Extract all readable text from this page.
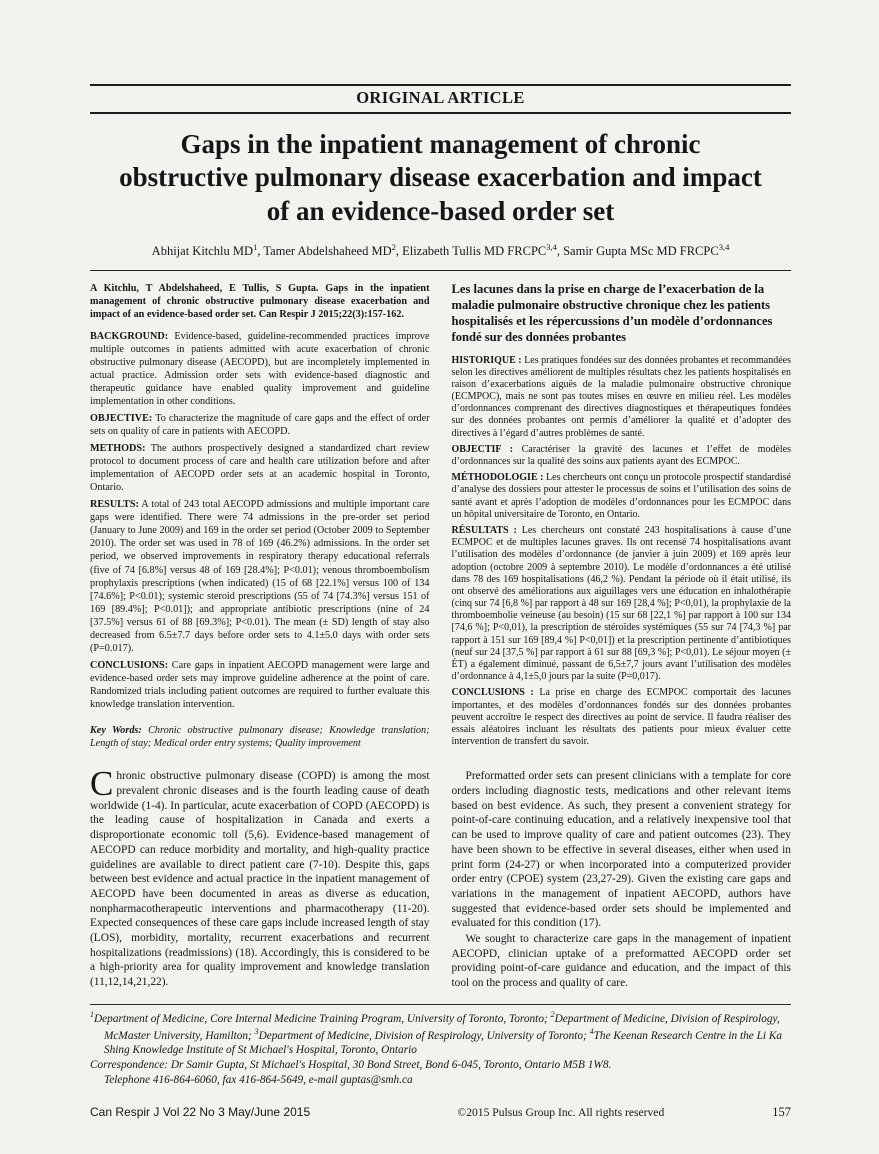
ORIGINAL ARTICLE
Gaps in the inpatient management of chronic obstructive pulmonary disease exacerbation and impact of an evidence-based order set
Abhijat Kitchlu $MD^1$, Tamer Abdelshaheed $MD^2$, Elizabeth Tullis MD FRCPC$^{3,4}$, Samir Gupta MSc MD FRCPC$^{3,4}$

A Kitchlu, T Abdelshaheed, E Tullis, S Gupta. Gaps in the inpatient management of chronic obstructive pulmonary disease exacerbation and impact of an evidence-based order set. Can Respir J 2015;22(3):157-162.

BACKGROUND: Evidence-based, guideline-recommended practices improve multiple outcomes in patients admitted with acute exacerbation of chronic obstructive pulmonary disease (AECOPD), but are incompletely implemented in actual practice. Admission order sets with evidence-based diagnostic and therapeutic guidance have enabled quality improvement and guideline implementation in other conditions.

OBJECTIVE: To characterize the magnitude of care gaps and the effect of order sets on quality of care in patients with AECOPD.

METHODS: The authors prospectively designed a standardized chart review protocol to document process of care and health care utilization before and after implementation of AECOPD order sets at an academic hospital in Toronto, Ontario.

RESULTS: A total of 243 total AECOPD admissions and multiple important care gaps were identified. There were 74 admissions in the pre-order set period (January to June 2009) and 169 in the order set period (October 2009 to September 2010). The order set was used in 78 of 169 (46.2%) admissions. In the order set period, we observed improvements in respiratory therapy educational referrals (five of 74 [6.8%] versus 48 of 169 [28.4%]; P<0.01); venous thromboembolism prophylaxis prescriptions (when indicated) (15 of 68 [22.1%] versus 100 of 134 [74.6%]; P<0.01); systemic steroid prescriptions (55 of 74 [74.3%] versus 151 of 169 [89.4%]; P<0.01]); and appropriate antibiotic prescriptions (nine of 24 [37.5%] versus 61 of 88 [69.3%]; P<0.01). The mean (± SD) length of stay also decreased from 6.5±7.7 days before order sets to 4.1±5.0 days with order sets (P=0.017).

CONCLUSIONS: Care gaps in inpatient AECOPD management were large and evidence-based order sets may improve guideline adherence at the point of care. Randomized trials including patient outcomes are required to further evaluate this knowledge translation intervention.

Key Words: Chronic obstructive pulmonary disease; Knowledge translation; Length of stay; Medical order entry systems; Quality improvement

Les lacunes dans la prise en charge de l’exacerbation de la maladie pulmonaire obstructive chronique chez les patients hospitalisés et les répercussions d’un modèle d’ordonnances fondé sur des données probantes

HISTORIQUE : Les pratiques fondées sur des données probantes et recommandées selon les directives améliorent de multiples résultats chez les patients hospitalisés en raison d’exacerbations aiguës de la maladie pulmonaire obstructive chronique (ECMPOC), mais ne sont pas toutes mises en œuvre en milieu réel. Les modèles d’ordonnances comprenant des directives diagnostiques et thérapeutiques fondées sur des données probantes ont permis d’améliorer la qualité et d’adopter des directives à l’égard d’autres problèmes de santé.

OBJECTIF : Caractériser la gravité des lacunes et l’effet de modèles d’ordonnances sur la qualité des soins aux patients ayant des ECMPOC.

MÉTHODOLOGIE : Les chercheurs ont conçu un protocole prospectif standardisé d’analyse des dossiers pour attester le processus de soins et l’utilisation des soins de santé avant et après l’adoption de modèles d’ordonnances pour les ECMPOC dans un hôpital universitaire de Toronto, en Ontario.

RÉSULTATS : Les chercheurs ont constaté 243 hospitalisations à cause d’une ECMPOC et de multiples lacunes graves. Ils ont recensé 74 hospitalisations avant l’utilisation des modèles d’ordonnance (de janvier à juin 2009) et 169 après leur adoption (octobre 2009 à septembre 2010). Le modèle d’ordonnances a été utilisé dans 78 des 169 hospitalisations (46,2 %). Pendant la période où il était utilisé, ils ont observé des améliorations aux aiguillages vers une éducation en inhalothérapie (cinq sur 74 [6,8 %] par rapport à 48 sur 169 [28,4 %]; P<0,01), la prophylaxie de la thromboembolie veineuse (au besoin) (15 sur 68 [22,1 %] par rapport à 100 sur 134 [74,6 %]; P<0,01), la prescription de stéroïdes systémiques (55 sur 74 [74,3 %] par rapport à 151 sur 169 [89,4 %] P<0,01]) et la prescription pertinente d’antibiotiques (neuf sur 24 [37,5 %] par rapport à 61 sur 88 [69,3 %]; P<0,01). Le séjour moyen (± ÉT) a également diminué, passant de 6,5±7,7 jours avant l’utilisation des modèles d’ordonnance à 4,1±5,0 jours par la suite (P=0,017).

CONCLUSIONS : La prise en charge des ECMPOC comportait des lacunes importantes, et des modèles d’ordonnances fondés sur des données probantes peuvent accroître le respect des directives au point de service. Il faudra réaliser des essais aléatoires incluant les résultats des patients pour mieux évaluer cette intervention de transfert du savoir.

Chronic obstructive pulmonary disease (COPD) is among the most prevalent chronic diseases and is the fourth leading cause of death worldwide (1-4). In particular, acute exacerbation of COPD (AECOPD) is the leading cause of hospitalization in Canada and exerts a disproportionate economic toll (5,6). Evidence-based management of AECOPD can reduce morbidity and mortality, and high-quality practice guidelines are available to direct patient care (7-10). Despite this, gaps between best evidence and actual practice in the inpatient management of AECOPD have been documented in areas as diverse as education, nonpharmacotherapeutic interventions and pharmacotherapy (11-20). Expected consequences of these care gaps include increased length of stay (LOS), morbidity, mortality, recurrent exacerbations and recurrent hospitalizations (readmissions) (18). Accordingly, this is considered to be a high-priority area for quality improvement and knowledge translation (11,12,14,21,22).

Preformatted order sets can present clinicians with a template for core orders including diagnostic tests, medications and other relevant items based on best evidence. As such, they present a convenient strategy for point-of-care continuing education, and a relatively inexpensive tool that can be used to improve quality of care and patient outcomes (23). They have been shown to be effective in several diseases, either when used in print form (24-27) or when incorporated into a computerized provider order entry (CPOE) system (23,27-29). Given the existing care gaps and variations in the management of inpatient AECOPD, authors have suggested that evidence-based order sets should be implemented and evaluated for this condition (17).

We sought to characterize care gaps in the management of inpatient AECOPD, clinician uptake of a preformatted AECOPD order set providing point-of-care guidance and education, and the impact of this tool on the process and quality of care.

$^1$Department of Medicine, Core Internal Medicine Training Program, University of Toronto, Toronto; $^2$Department of Medicine, Division of Respirology, McMaster University, Hamilton; $^3$Department of Medicine, Division of Respirology, University of Toronto; $^4$The Keenan Research Centre in the Li Ka Shing Knowledge Institute of St Michael's Hospital, Toronto, Ontario

Correspondence: Dr Samir Gupta, St Michael's Hospital, 30 Bond Street, Bond 6-045, Toronto, Ontario M5B 1W8.

Telephone 416-864-6060, fax 416-864-5649, e-mail guptas@smh.ca

Can Respir J Vol 22 No 3 May/June 2015	©2015 Pulsus Group Inc. All rights reserved	157
